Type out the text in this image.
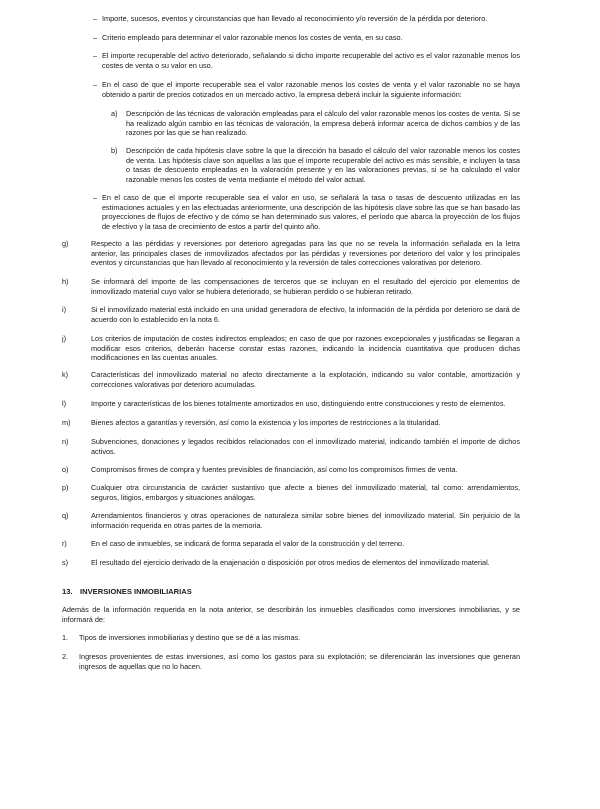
– Importe, sucesos, eventos y circunstancias que han llevado al reconocimiento y/o reversión de la pérdida por deterioro.
– Criterio empleado para determinar el valor razonable menos los costes de venta, en su caso.
– El importe recuperable del activo deteriorado, señalando si dicho importe recuperable del activo es el valor razonable menos los costes de venta o su valor en uso.
– En el caso de que el importe recuperable sea el valor razonable menos los costes de venta y el valor razonable no se haya obtenido a partir de precios cotizados en un mercado activo, la empresa deberá incluir la siguiente información:
a) Descripción de las técnicas de valoración empleadas para el cálculo del valor razonable menos los costes de venta. Si se ha realizado algún cambio en las técnicas de valoración, la empresa deberá informar acerca de dichos cambios y de las razones por las que se han realizado.
b) Descripción de cada hipótesis clave sobre la que la dirección ha basado el cálculo del valor razonable menos los costes de venta. Las hipótesis clave son aquellas a las que el importe recuperable del activo es más sensible, e incluyen la tasa o tasas de descuento empleadas en la valoración presente y en las valoraciones previas, si se ha calculado el valor razonable menos los costes de venta mediante el método del valor actual.
– En el caso de que el importe recuperable sea el valor en uso, se señalará la tasa o tasas de descuento utilizadas en las estimaciones actuales y en las efectuadas anteriormente, una descripción de las hipótesis clave sobre las que se han basado las proyecciones de flujos de efectivo y de cómo se han determinado sus valores, el período que abarca la proyección de los flujos de efectivo y la tasa de crecimiento de estos a partir del quinto año.
g)	Respecto a las pérdidas y reversiones por deterioro agregadas para las que no se revela la información señalada en la letra anterior, las principales clases de inmovilizados afectados por las pérdidas y reversiones por deterioro del valor y los principales eventos y circunstancias que han llevado al reconocimiento y la reversión de tales correcciones valorativas por deterioro.
h)	Se informará del importe de las compensaciones de terceros que se incluyan en el resultado del ejercicio por elementos de inmovilizado material cuyo valor se hubiera deteriorado, se hubieran perdido o se hubieran retirado.
i)	Si el inmovilizado material está incluido en una unidad generadora de efectivo, la información de la pérdida por deterioro se dará de acuerdo con lo establecido en la nota 6.
j)	Los criterios de imputación de costes indirectos empleados; en caso de que por razones excepcionales y justificadas se llegaran a modificar esos criterios, deberán hacerse constar estas razones, indicando la incidencia cuantitativa que producen dichas modificaciones en las cuentas anuales.
k)	Características del inmovilizado material no afecto directamente a la explotación, indicando su valor contable, amortización y correcciones valorativas por deterioro acumuladas.
l)	Importe y características de los bienes totalmente amortizados en uso, distinguiendo entre construcciones y resto de elementos.
m)	Bienes afectos a garantías y reversión, así como la existencia y los importes de restricciones a la titularidad.
n)	Subvenciones, donaciones y legados recibidos relacionados con el inmovilizado material, indicando también el importe de dichos activos.
o)	Compromisos firmes de compra y fuentes previsibles de financiación, así como los compromisos firmes de venta.
p)	Cualquier otra circunstancia de carácter sustantivo que afecte a bienes del inmovilizado material, tal como: arrendamientos, seguros, litigios, embargos y situaciones análogas.
q)	Arrendamientos financieros y otras operaciones de naturaleza similar sobre bienes del inmovilizado material. Sin perjuicio de la información requerida en otras partes de la memoria.
r)	En el caso de inmuebles, se indicará de forma separada el valor de la construcción y del terreno.
s)	El resultado del ejercicio derivado de la enajenación o disposición por otros medios de elementos del inmovilizado material.
13. INVERSIONES INMOBILIARIAS
Además de la información requerida en la nota anterior, se describirán los inmuebles clasificados como inversiones inmobiliarias, y se informará de:
1. Tipos de inversiones inmobiliarias y destino que se dé a las mismas.
2. Ingresos provenientes de estas inversiones, así como los gastos para su explotación; se diferenciarán las inversiones que generan ingresos de aquellas que no lo hacen.
